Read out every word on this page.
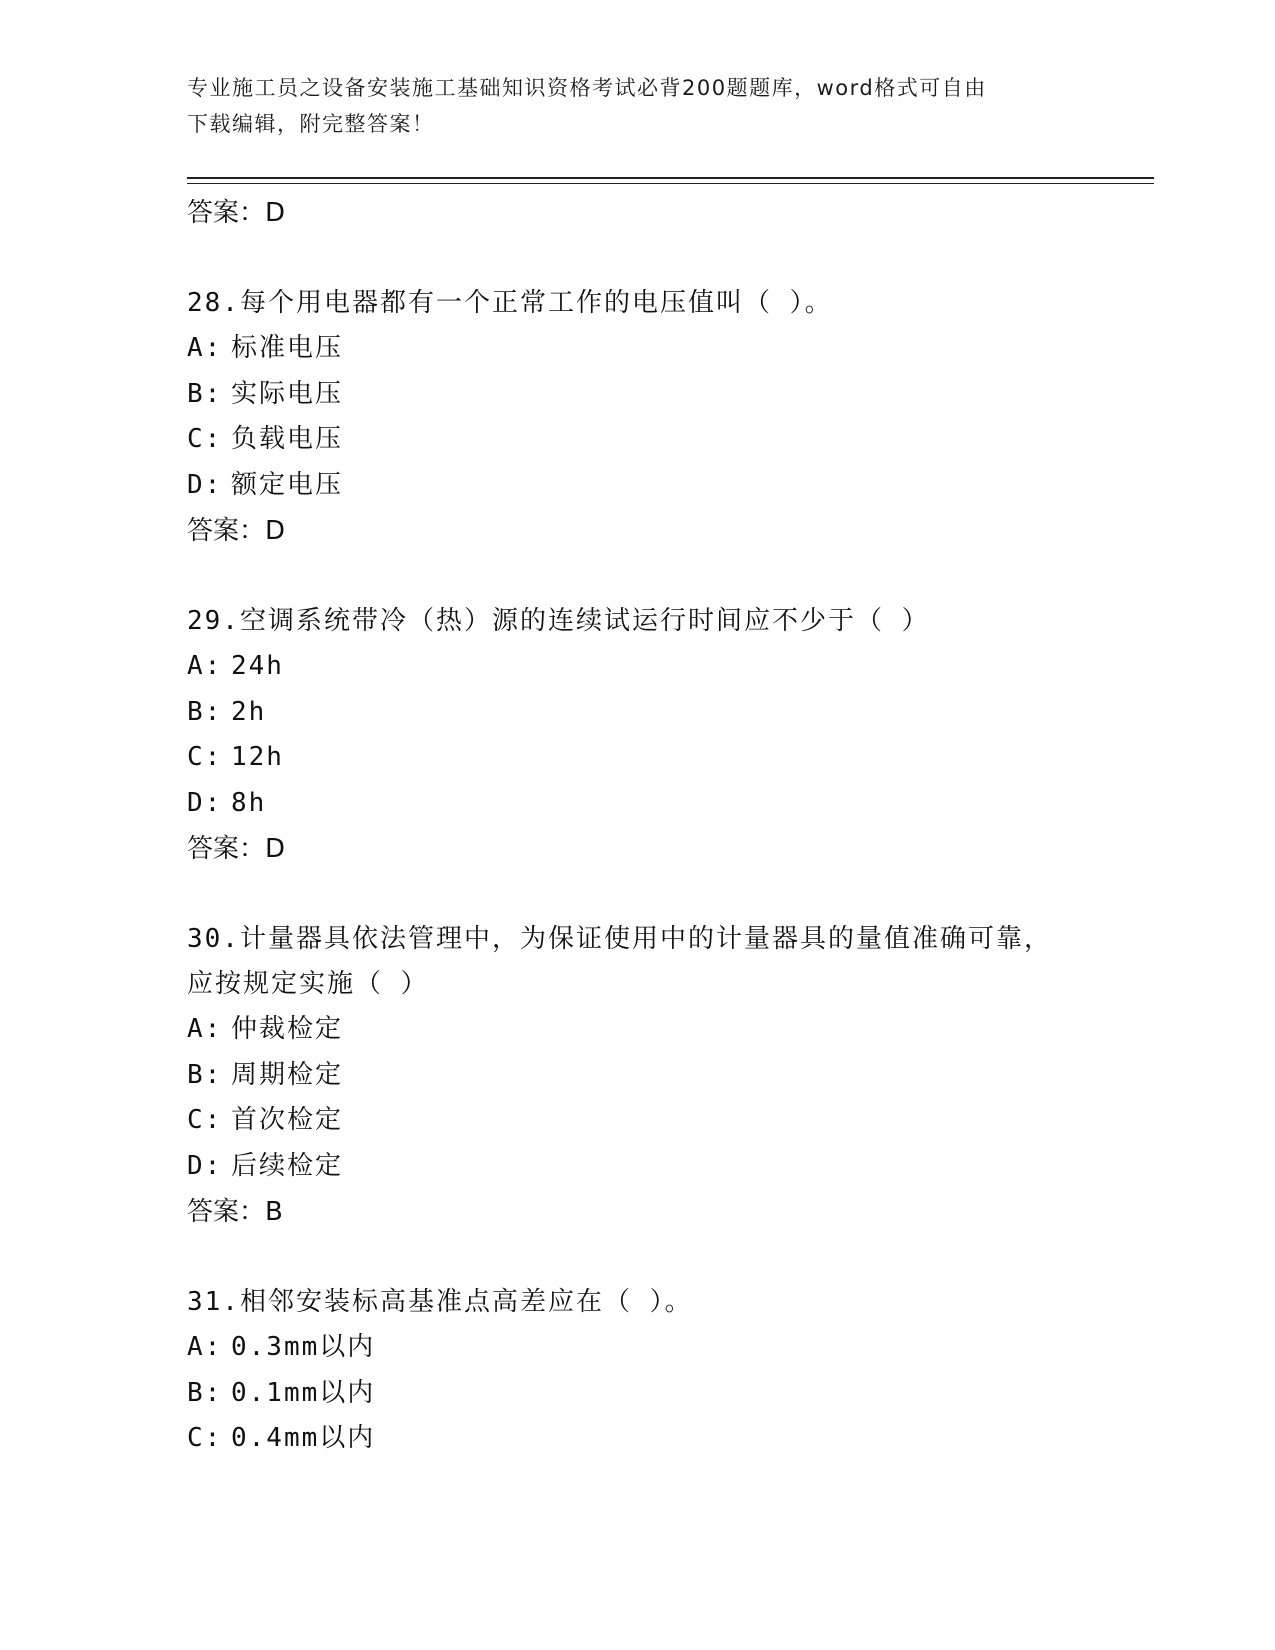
专业施工员之设备安装施工基础知识资格考试必背200题题库，word格式可自由
下载编辑，附完整答案！
答案：D
28.每个用电器都有一个正常工作的电压值叫（ ）。
A: 标准电压
B: 实际电压
C: 负载电压
D: 额定电压
答案：D
29.空调系统带冷（热）源的连续试运行时间应不少于（ ）
A: 24h
B: 2h
C: 12h
D: 8h
答案：D
30.计量器具依法管理中，为保证使用中的计量器具的量值准确可靠，
应按规定实施（ ）
A: 仲裁检定
B: 周期检定
C: 首次检定
D: 后续检定
答案：B
31.相邻安装标高基准点高差应在（ ）。
A: 0.3mm以内
B: 0.1mm以内
C: 0.4mm以内
